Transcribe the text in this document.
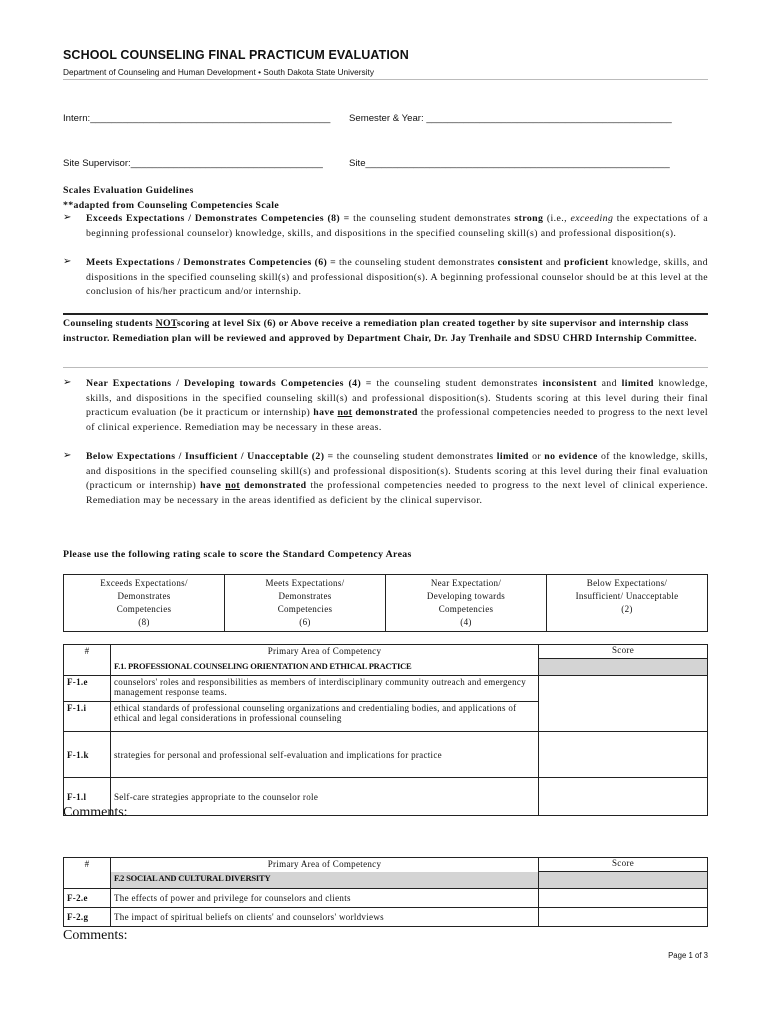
SCHOOL COUNSELING FINAL PRACTICUM EVALUATION
Department of Counseling and Human Development • South Dakota State University
Intern:_____________________________________________ Semester & Year: ______________________________________________
Site Supervisor:____________________________________	Site_________________________________________________________
Scales Evaluation Guidelines
**adapted from Counseling Competencies Scale
➢ Exceeds Expectations / Demonstrates Competencies (8) = the counseling student demonstrates strong (i.e., exceeding the expectations of a beginning professional counselor) knowledge, skills, and dispositions in the specified counseling skill(s) and professional disposition(s).
➢ Meets Expectations / Demonstrates Competencies (6) = the counseling student demonstrates consistent and proficient knowledge, skills, and dispositions in the specified counseling skill(s) and professional disposition(s). A beginning professional counselor should be at this level at the conclusion of his/her practicum and/or internship.
Counseling students NOTscoring at level Six (6) or Above receive a remediation plan created together by site supervisor and internship class instructor. Remediation plan will be reviewed and approved by Department Chair, Dr. Jay Trenhaile and SDSU CHRD Internship Committee.
➢ Near Expectations / Developing towards Competencies (4) = the counseling student demonstrates inconsistent and limited knowledge, skills, and dispositions in the specified counseling skill(s) and professional disposition(s). Students scoring at this level during their final practicum evaluation (be it practicum or internship) have not demonstrated the professional competencies needed to progress to the next level of clinical experience. Remediation may be necessary in these areas.
➢ Below Expectations / Insufficient / Unacceptable (2) = the counseling student demonstrates limited or no evidence of the knowledge, skills, and dispositions in the specified counseling skill(s) and professional disposition(s). Students scoring at this level during their final evaluation (practicum or internship) have not demonstrated the professional competencies needed to progress to the next level of clinical experience. Remediation may be necessary in the areas identified as deficient by the clinical supervisor.
Please use the following rating scale to score the Standard Competency Areas
Exceeds Expectations/
Demonstrates
Competencies
(8)

Meets Expectations/
Demonstrates
Competencies
(6)

Near Expectation/
Developing towards
Competencies
(4)

Below Expectations/
Insufficient/ Unacceptable
(2)
#	Primary Area of Competency	Score

	F.1. PROFESSIONAL COUNSELING ORIENTATION AND ETHICAL PRACTICE	
F-1.e	counselors' roles and responsibilities as members of interdisciplinary community outreach and emergency management response teams.	
F-1.i	ethical standards of professional counseling organizations and credentialing bodies, and applications of ethical and legal considerations in professional counseling	
F-1.k	strategies for personal and professional self-evaluation and implications for practice	
F-1.l	Self-care strategies appropriate to the counselor role	
Comments:
#	Primary Area of Competency	Score

	F.2 SOCIAL AND CULTURAL DIVERSITY	
F-2.e	The effects of power and privilege for counselors and clients	
F-2.g	The impact of spiritual beliefs on clients' and counselors' worldviews	
Comments:
Page 1 of 3
